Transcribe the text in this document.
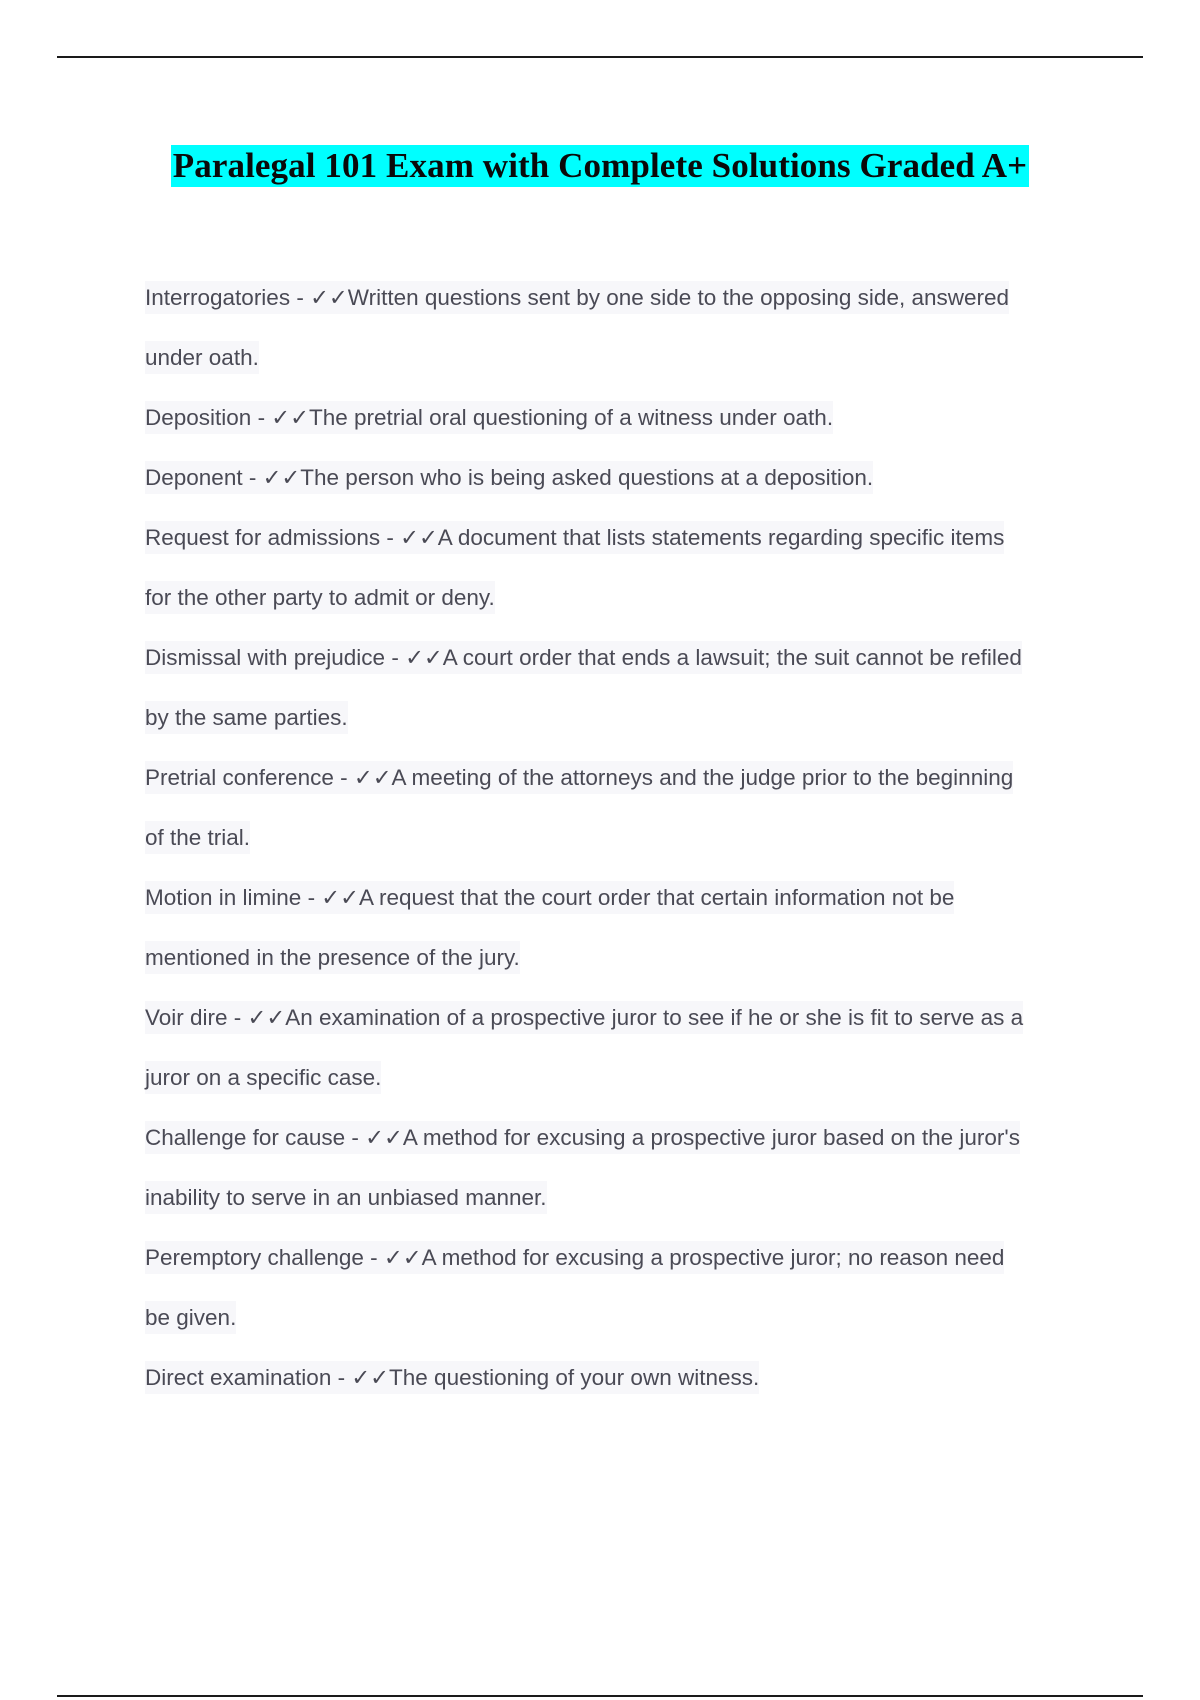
Paralegal 101 Exam with Complete Solutions Graded A+
Interrogatories - ✓✓Written questions sent by one side to the opposing side, answered
under oath.
Deposition - ✓✓The pretrial oral questioning of a witness under oath.
Deponent - ✓✓The person who is being asked questions at a deposition.
Request for admissions - ✓✓A document that lists statements regarding specific items
for the other party to admit or deny.
Dismissal with prejudice - ✓✓A court order that ends a lawsuit; the suit cannot be refiled
by the same parties.
Pretrial conference - ✓✓A meeting of the attorneys and the judge prior to the beginning
of the trial.
Motion in limine - ✓✓A request that the court order that certain information not be
mentioned in the presence of the jury.
Voir dire - ✓✓An examination of a prospective juror to see if he or she is fit to serve as a
juror on a specific case.
Challenge for cause - ✓✓A method for excusing a prospective juror based on the juror's
inability to serve in an unbiased manner.
Peremptory challenge - ✓✓A method for excusing a prospective juror; no reason need
be given.
Direct examination - ✓✓The questioning of your own witness.
